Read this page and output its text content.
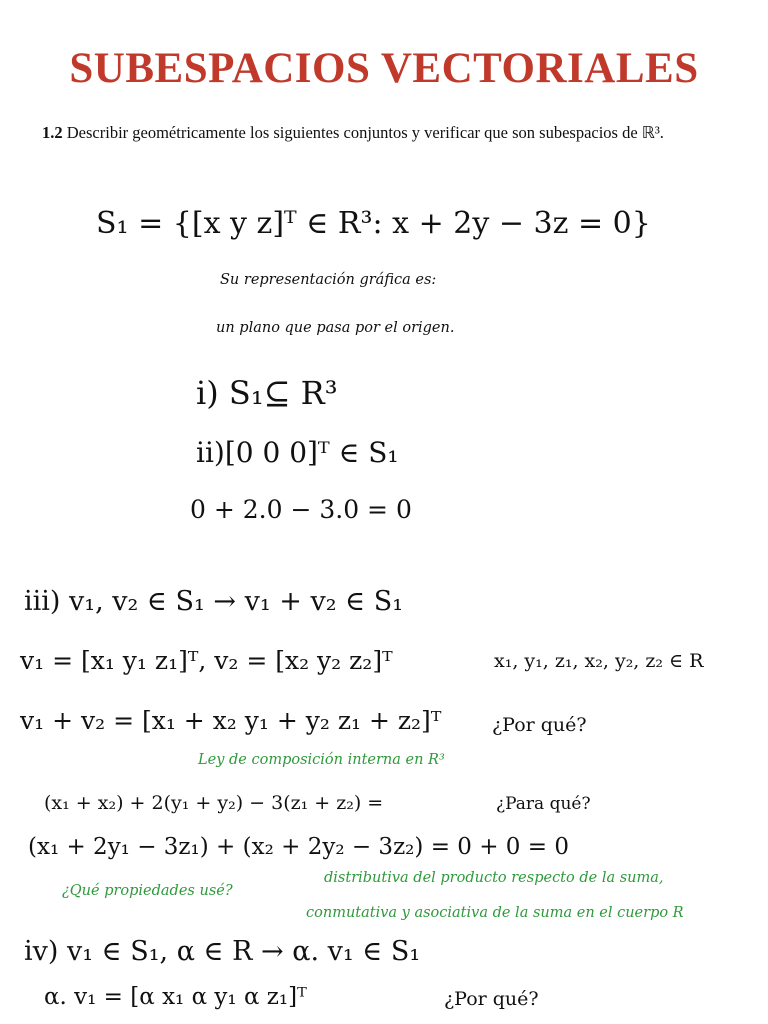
SUBESPACIOS VECTORIALES
1.2 Describir geométricamente los siguientes conjuntos y verificar que son subespacios de ℝ³.
S₁ = {[x y z]ᵀ ∈ R³: x + 2y − 3z = 0}
Su representación gráfica es:
un plano que pasa por el origen.
i) S₁⊆ R³
ii)[0 0 0]ᵀ ∈ S₁
0 + 2.0 − 3.0 = 0
iii) v₁, v₂ ∈ S₁ → v₁ + v₂ ∈ S₁
v₁ = [x₁ y₁ z₁]ᵀ, v₂ = [x₂ y₂ z₂]ᵀ	x₁, y₁, z₁, x₂, y₂, z₂ ∈ R
v₁ + v₂ = [x₁ + x₂ y₁ + y₂ z₁ + z₂]ᵀ	¿Por qué?
Ley de composición interna en R³
(x₁ + x₂) + 2(y₁ + y₂) − 3(z₁ + z₂) =	¿Para qué?
(x₁ + 2y₁ − 3z₁) + (x₂ + 2y₂ − 3z₂) = 0 + 0 = 0
distributiva del producto respecto de la suma,
¿Qué propiedades usé?
conmutativa y asociativa de la suma en el cuerpo R
iv) v₁ ∈ S₁, α ∈ R → α. v₁ ∈ S₁
α. v₁ = [α x₁ α y₁ α z₁]ᵀ	¿Por qué?
